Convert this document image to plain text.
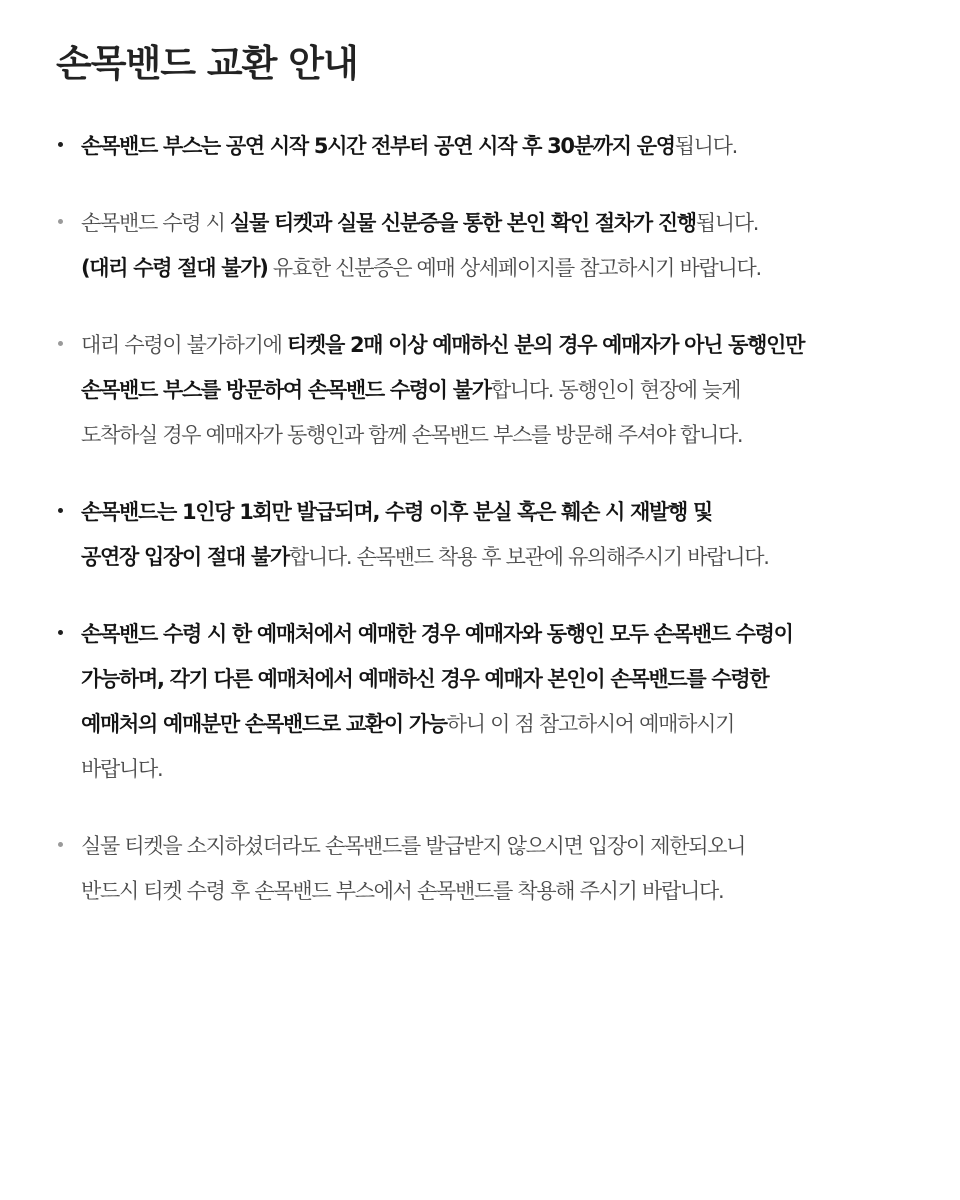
손목밴드 교환 안내
손목밴드 부스는 공연 시작 5시간 전부터 공연 시작 후 30분까지 운영됩니다.
손목밴드 수령 시 실물 티켓과 실물 신분증을 통한 본인 확인 절차가 진행됩니다.
(대리 수령 절대 불가) 유효한 신분증은 예매 상세페이지를 참고하시기 바랍니다.
대리 수령이 불가하기에 티켓을 2매 이상 예매하신 분의 경우 예매자가 아닌 동행인만
손목밴드 부스를 방문하여 손목밴드 수령이 불가합니다. 동행인이 현장에 늦게
도착하실 경우 예매자가 동행인과 함께 손목밴드 부스를 방문해 주셔야 합니다.
손목밴드는 1인당 1회만 발급되며, 수령 이후 분실 혹은 훼손 시 재발행 및
공연장 입장이 절대 불가합니다. 손목밴드 착용 후 보관에 유의해주시기 바랍니다.
손목밴드 수령 시 한 예매처에서 예매한 경우 예매자와 동행인 모두 손목밴드 수령이
가능하며, 각기 다른 예매처에서 예매하신 경우 예매자 본인이 손목밴드를 수령한
예매처의 예매분만 손목밴드로 교환이 가능하니 이 점 참고하시어 예매하시기
바랍니다.
실물 티켓을 소지하셨더라도 손목밴드를 발급받지 않으시면 입장이 제한되오니
반드시 티켓 수령 후 손목밴드 부스에서 손목밴드를 착용해 주시기 바랍니다.
